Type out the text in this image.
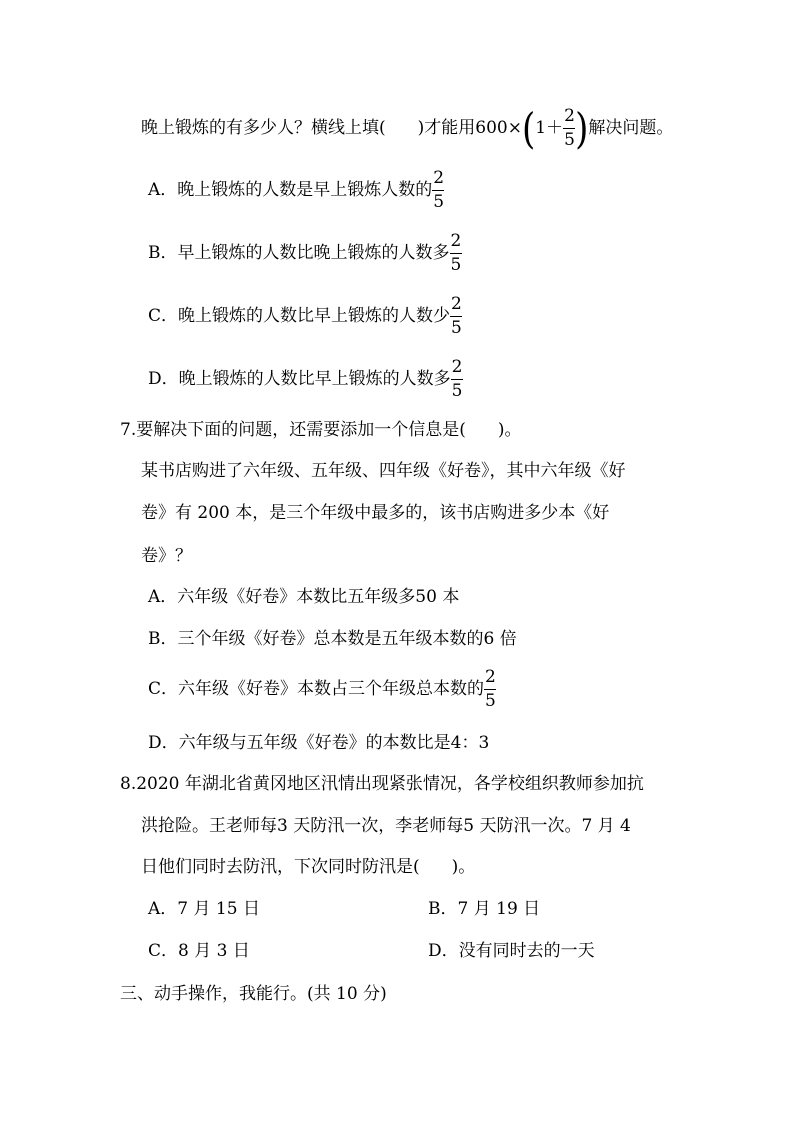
晚上锻炼的有多少人？横线上填( )才能用$600\times(1+ \frac{2}{5}$ )解决问题。
A．晚上锻炼的人数是早上锻炼人数的 $\frac{2}{5}$
B．早上锻炼的人数比晚上锻炼的人数多 $\frac{2}{5}$
C．晚上锻炼的人数比早上锻炼的人数少 $\frac{2}{5}$
D．晚上锻炼的人数比早上锻炼的人数多 $\frac{2}{5}$
7.要解决下面的问题，还需要添加一个信息是( )。
某书店购进了六年级、五年级、四年级《好卷》，其中六年级《好
卷》有 200 本，是三个年级中最多的，该书店购进多少本《好
卷》？
A．六年级《好卷》本数比五年级多50 本
B．三个年级《好卷》总本数是五年级本数的6 倍
C．六年级《好卷》本数占三个年级总本数的 $\frac{2}{5}$
D．六年级与五年级《好卷》的本数比是4：3
8.2020 年湖北省黄冈地区汛情出现紧张情况，各学校组织教师参加抗
洪抢险。王老师每3 天防汛一次，李老师每5 天防汛一次。7 月 4
日他们同时去防汛，下次同时防汛是( )。
A．7 月 15 日	B．7 月 19 日
C．8 月 3 日	D．没有同时去的一天
三、动手操作，我能行。(共 10 分)
